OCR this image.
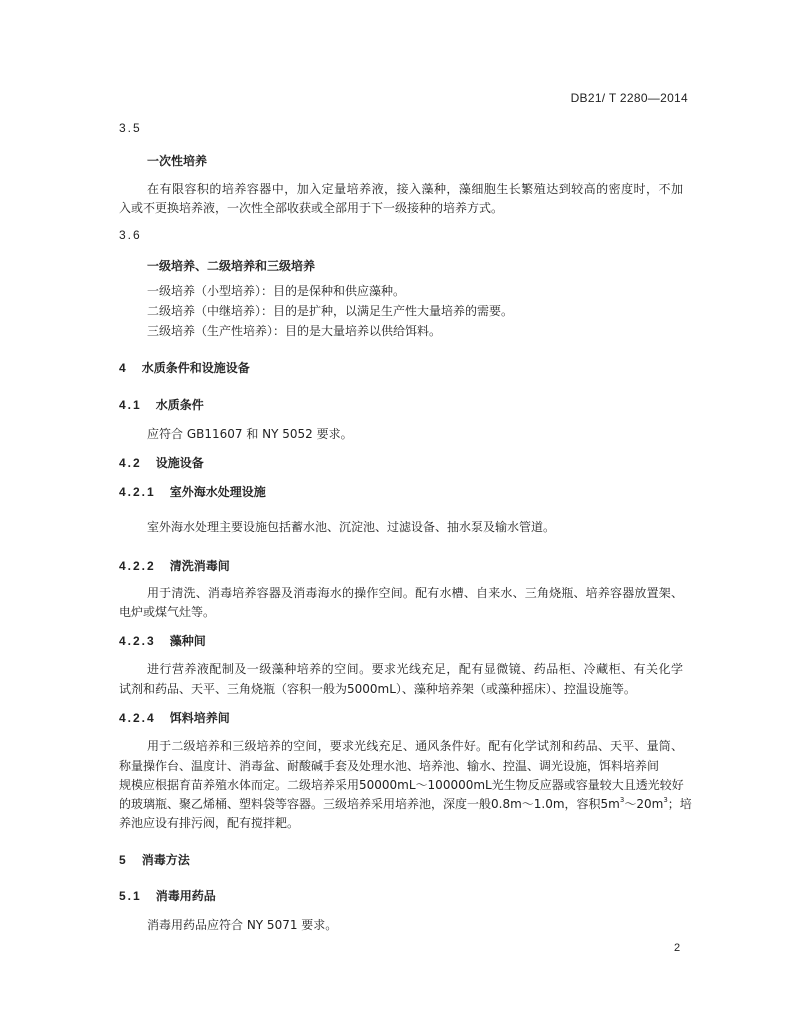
DB21/ T 2280—2014
3.5
一次性培养
在有限容积的培养容器中，加入定量培养液，接入藻种，藻细胞生长繁殖达到较高的密度时，不加
入或不更换培养液，一次性全部收获或全部用于下一级接种的培养方式。
3.6
一级培养、二级培养和三级培养
一级培养（小型培养）：目的是保种和供应藻种。
二级培养（中继培养）：目的是扩种，以满足生产性大量培养的需要。
三级培养（生产性培养）：目的是大量培养以供给饵料。
4 水质条件和设施设备
4.1 水质条件
应符合 GB11607 和 NY 5052 要求。
4.2 设施设备
4.2.1 室外海水处理设施
室外海水处理主要设施包括蓄水池、沉淀池、过滤设备、抽水泵及输水管道。
4.2.2 清洗消毒间
用于清洗、消毒培养容器及消毒海水的操作空间。配有水槽、自来水、三角烧瓶、培养容器放置架、
电炉或煤气灶等。
4.2.3 藻种间
进行营养液配制及一级藻种培养的空间。要求光线充足，配有显微镜、药品柜、冷藏柜、有关化学
试剂和药品、天平、三角烧瓶（容积一般为5000mL）、藻种培养架（或藻种摇床）、控温设施等。
4.2.4 饵料培养间
用于二级培养和三级培养的空间，要求光线充足、通风条件好。配有化学试剂和药品、天平、量筒、
称量操作台、温度计、消毒盆、耐酸碱手套及处理水池、培养池、输水、控温、调光设施，饵料培养间
规模应根据育苗养殖水体而定。二级培养采用50000mL～100000mL光生物反应器或容量较大且透光较好
的玻璃瓶、聚乙烯桶、塑料袋等容器。三级培养采用培养池，深度一般0.8m～1.0m，容积$5m^3\sim 20m^3$；培
养池应设有排污阀，配有搅拌耙。
5 消毒方法
5.1 消毒用药品
消毒用药品应符合 NY 5071 要求。
2
